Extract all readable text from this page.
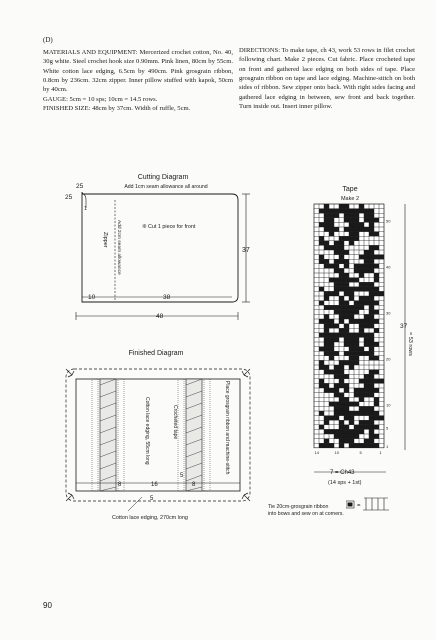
(D)

MATERIALS AND EQUIPMENT: Mercerized crochet cotton, No. 40, 30g white. Steel crochet hook size 0.90mm. Pink linen, 80cm by 55cm. White cotton lace edging, 6.5cm by 490cm. Pink grosgrain ribbon, 0.8cm by 236cm. 32cm zipper. Inner pillow stuffed with kapok, 50cm by 40cm.

GAUGE: 5cm = 10 sps; 10cm = 14.5 rows.

FINISHED SIZE: 48cm by 37cm. Width of ruffle, 5cm.

DIRECTIONS: To make tape, ch 43, work 53 rows in filet crochet following chart. Make 2 pieces. Cut fabric. Place crocheted tape on front and gathered lace edging on both sides of tape. Place grosgrain ribbon on tape and lace edging. Machine-stitch on both sides of ribbon. Sew zipper onto back. With right sides facing and gathered lace edging in between, sew front and back together. Turn inside out. Insert inner pillow.

Cutting Diagram
Add 1cm seam allowance all around
25
25
1
Zipper Add 2cm seam allowance	❊ Cut 1 piece for front
37
10	38
48
Finished Diagram
Cotton lace edging, 55cm long	Crocheted tape	Place grosgrain ribbon and machine-stitch
8	16
5
8
5
Cotton lace edging, 270cm long
Tie 20cm-grosgrain ribbon
into bows and sew on at corners.
=
Tape
Make 2
50
40
30
20
10
5
1
14	10	5	1
37
= 53 rows
7 = Ch43
(14 sps + 1st)
90
